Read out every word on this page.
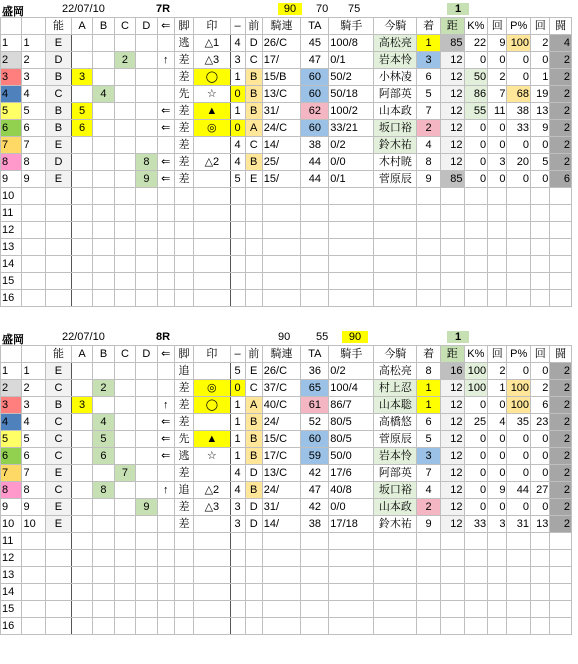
盛岡	22/07/10	7R	90	70 75	1
		能	A	B	C	D	⇐	脚	印	–	前	騎連	TA	騎手	今騎	着	距	K%	回	P%	回	闘
1	1	E						逃	△1	4	D	26/C	45	100/8	高松亮	1	85	22	9	100	2	4
2	2	D			2		↑	差	△3	3	C	17/	47	0/1	岩本怜	3	12	0	0	0	0	2
3	3	B	3					差	◯	1	B	15/B	60	50/2	小林凌	6	12	50	2	0	1	2
4	4	C		4				先	☆	0	B	13/C	60	50/18	阿部英	5	12	86	7	68	19	2
5	5	B	5				⇐	差	▲	1	B	31/	62	100/2	山本政	7	12	55	11	38	13	2
6	6	B	6				⇐	差	◎	0	A	24/C	60	33/21	坂口裕	2	12	0	0	33	9	2
7	7	E						差		4	C	14/	38	0/2	鈴木祐	4	12	0	0	0	0	2
8	8	D				8	⇐	差	△2	4	B	25/	44	0/0	木村暁	8	12	0	3	20	5	2
9	9	E				9	⇐	差		5	E	15/	44	0/1	菅原辰	9	85	0	0	0	0	6
10																						
11																						
12																						
13																						
14																						
15																						
16																						
盛岡	22/07/10	8R	90 55	90	1
		能	A	B	C	D	⇐	脚	印	–	前	騎連	TA	騎手	今騎	着	距	K%	回	P%	回	闘
1	1	E						追		5	E	26/C	36	0/2	高松亮	8	16	100	2	0	0	2
2	2	C		2				差	◎	0	C	37/C	65	100/4	村上忍	1	12	100	1	100	2	2
3	3	B	3				↑	差	◯	1	A	40/C	61	86/7	山本聡	1	12	0	0	100	6	2
4	4	C		4			⇐	差		1	B	24/	52	80/5	高橋悠	6	12	25	4	35	23	2
5	5	C		5			⇐	先	▲	1	B	15/C	60	80/5	菅原辰	5	12	0	0	0	0	2
6	6	C		6			⇐	逃	☆	1	B	17/C	59	50/0	岩本怜	3	12	0	0	0	0	2
7	7	E			7			差		4	D	13/C	42	17/6	阿部英	7	12	0	0	0	0	2
8	8	C		8			↑	追	△2	4	B	24/	47	40/8	坂口裕	4	12	0	9	44	27	2
9	9	E				9		差	△3	3	D	31/	42	0/0	山本政	2	12	0	0	0	0	2
10	10	E						差		3	D	14/	38	17/18	鈴木祐	9	12	33	3	31	13	2
11																						
12																						
13																						
14																						
15																						
16																						
